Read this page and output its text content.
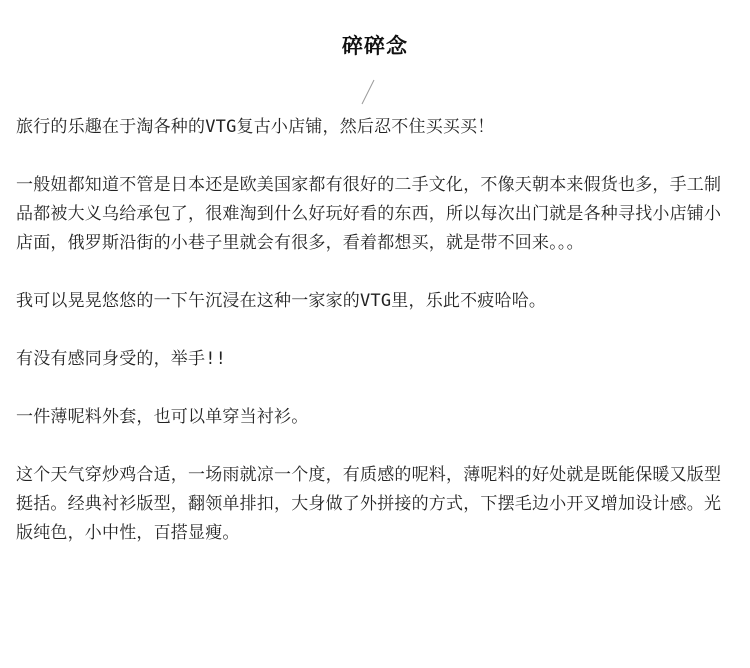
碎碎念

旅行的乐趣在于淘各种的VTG复古小店铺，然后忍不住买买买！

一般妞都知道不管是日本还是欧美国家都有很好的二手文化，不像天朝本来假货也多，手工制品都被大义乌给承包了，很难淘到什么好玩好看的东西，所以每次出门就是各种寻找小店铺小店面，俄罗斯沿街的小巷子里就会有很多，看着都想买，就是带不回来。。。

我可以晃晃悠悠的一下午沉浸在这种一家家的VTG里，乐此不疲哈哈。

有没有感同身受的，举手!!

一件薄呢料外套，也可以单穿当衬衫。

这个天气穿炒鸡合适，一场雨就凉一个度，有质感的呢料，薄呢料的好处就是既能保暖又版型挺括。经典衬衫版型，翻领单排扣，大身做了外拼接的方式，下摆毛边小开叉增加设计感。光版纯色，小中性，百搭显瘦。
